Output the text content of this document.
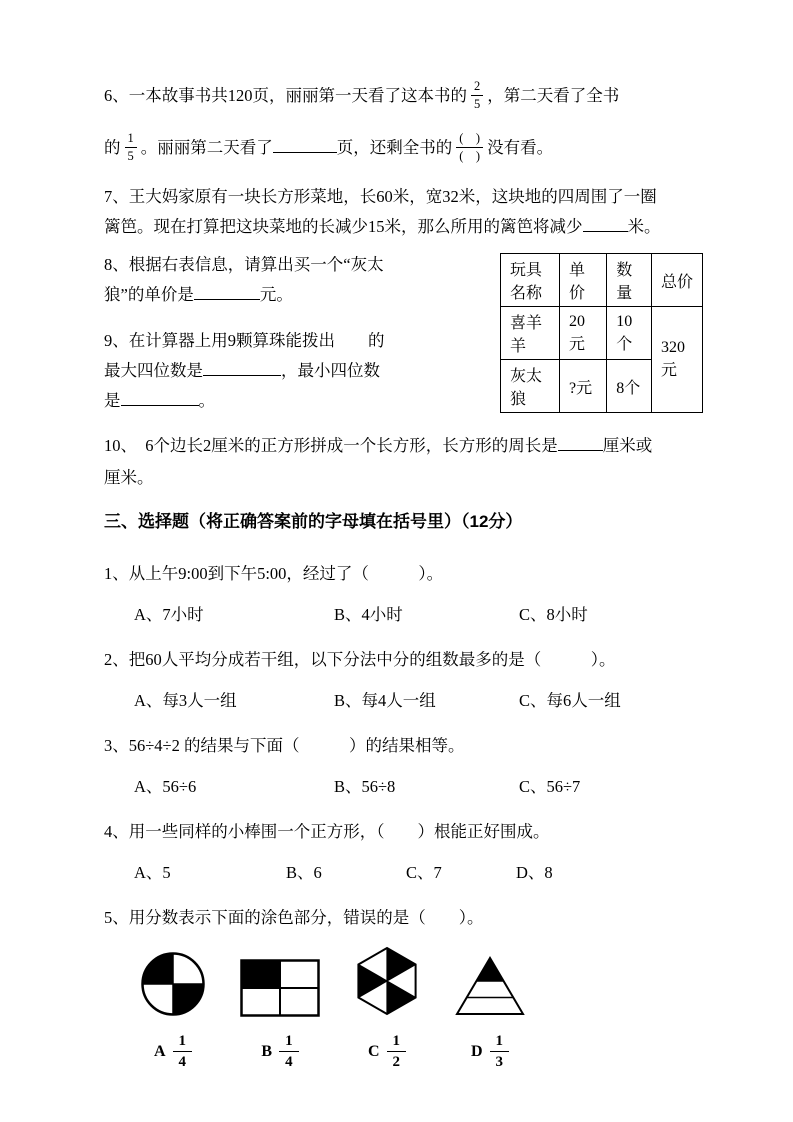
6、一本故事书共120页，丽丽第一天看了这本书的 $\frac{2}{5}$ ，第二天看了全书
的 $\frac{1}{5}$ 。丽丽第二天看了	页，还剩全书的 $\frac{( )}{( )}$ 没有看。
7、王大妈家原有一块长方形菜地，长60米，宽32米，这块地的四周围了一圈
篱笆。现在打算把这块菜地的长减少15米，那么所用的篱笆将减少	米。
8、根据右表信息，请算出买一个“灰太
狼”的单价是	元。
9、在计算器上用9颗算珠能拨出　　的
最大四位数是	，最小四位数
是	。
玩具名称	单价	数量	总价
喜羊羊	20元	10个	320元
灰太狼	?元	8个	
10、　6个边长2厘米的正方形拼成一个长方形，长方形的周长是	厘米或
厘米。
三、选择题（将正确答案前的字母填在括号里）（12分）
1、从上午9:00到下午5:00，经过了（　　　）。
A、7小时	B、4小时	C、8小时
2、把60人平均分成若干组，以下分法中分的组数最多的是（　　　）。
A、每3人一组	B、每4人一组	C、每6人一组
3、56÷4÷2 的结果与下面（　　　）的结果相等。
A、56÷6	B、56÷8	C、56÷7
4、用一些同样的小棒围一个正方形，（　　）根能正好围成。
A、5	B、6	C、7	D、8
5、用分数表示下面的涂色部分，错误的是（　　）。
A $\frac{1}{4}$	B $\frac{1}{4}$	C $\frac{1}{2}$	D $\frac{1}{3}$
